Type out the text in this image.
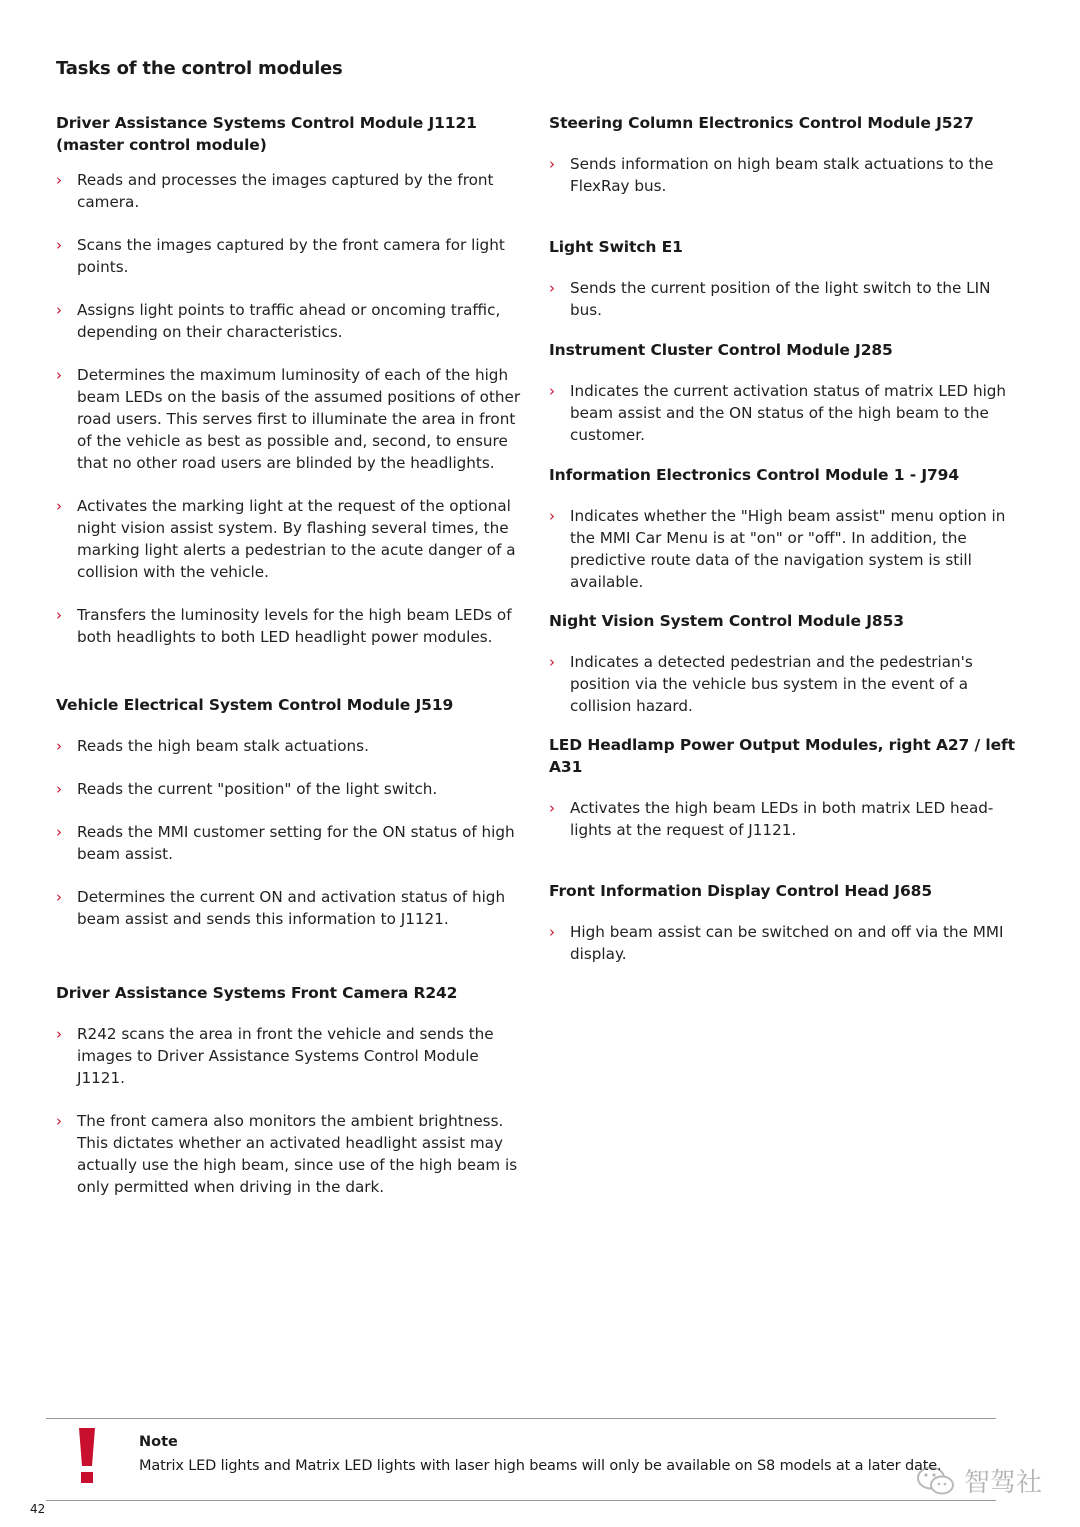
Tasks of the control modules
Driver Assistance Systems Control Module J1121
(master control module)
› Reads and processes the images captured by the front camera.
› Scans the images captured by the front camera for light points.
› Assigns light points to traffic ahead or oncoming traffic, depending on their characteristics.
› Determines the maximum luminosity of each of the high beam LEDs on the basis of the assumed positions of other road users. This serves first to illuminate the area in front of the vehicle as best as possible and, second, to ensure that no other road users are blinded by the headlights.
› Activates the marking light at the request of the optional night vision assist system. By flashing several times, the marking light alerts a pedestrian to the acute danger of a collision with the vehicle.
› Transfers the luminosity levels for the high beam LEDs of both headlights to both LED headlight power modules.
Vehicle Electrical System Control Module J519
› Reads the high beam stalk actuations.
› Reads the current "position" of the light switch.
› Reads the MMI customer setting for the ON status of high beam assist.
› Determines the current ON and activation status of high beam assist and sends this information to J1121.
Driver Assistance Systems Front Camera R242
› R242 scans the area in front the vehicle and sends the images to Driver Assistance Systems Control Module J1121.
› The front camera also monitors the ambient brightness. This dictates whether an activated headlight assist may actually use the high beam, since use of the high beam is only permitted when driving in the dark.
Steering Column Electronics Control Module J527
› Sends information on high beam stalk actuations to the FlexRay bus.
Light Switch E1
› Sends the current position of the light switch to the LIN bus.
Instrument Cluster Control Module J285
› Indicates the current activation status of matrix LED high beam assist and the ON status of the high beam to the customer.
Information Electronics Control Module 1 - J794
› Indicates whether the "High beam assist" menu option in the MMI Car Menu is at "on" or "off". In addition, the predictive route data of the navigation system is still available.
Night Vision System Control Module J853
› Indicates a detected pedestrian and the pedestrian's position via the vehicle bus system in the event of a collision hazard.
LED Headlamp Power Output Modules, right A27 / left A31
› Activates the high beam LEDs in both matrix LED head-lights at the request of J1121.
Front Information Display Control Head J685
› High beam assist can be switched on and off via the MMI display.
Note
Matrix LED lights and Matrix LED lights with laser high beams will only be available on S8 models at a later date.
42
智驾社
